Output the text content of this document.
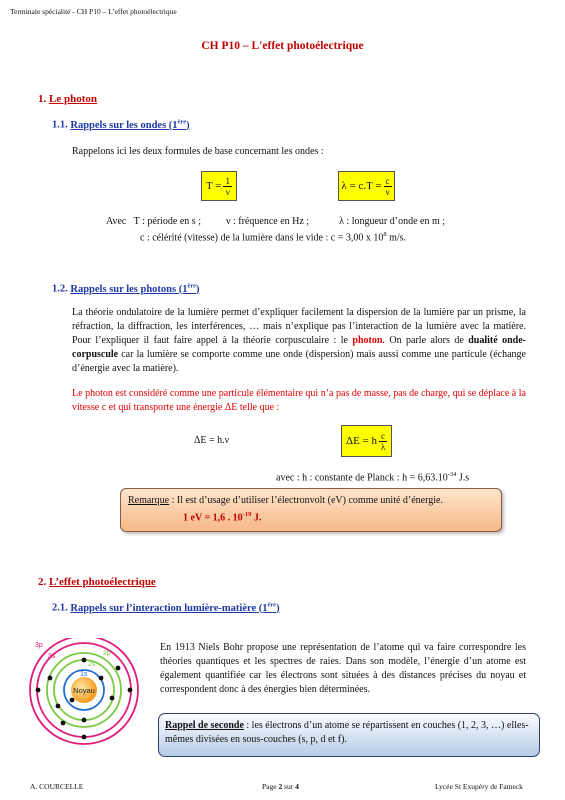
Terminale spécialité - CH P10 – L’effet photoélectrique
CH P10 – L'effet photoélectrique
1. Le photon
1.1. Rappels sur les ondes (1ère)
Rappelons ici les deux formules de base concernant les ondes :
$T = \frac{1}{\nu}$	$\lambda = c.T = \frac{c}{\nu}$
Avec   T : période en s ;          ν : fréquence en Hz ;            λ : longueur d’onde en m ;
c : célérité (vitesse) de la lumière dans le vide : c = 3,00 x $10^8$ m/s.
1.2. Rappels sur les photons (1ère)
La théorie ondulatoire de la lumière permet d’expliquer facilement la dispersion de la lumière par un prisme, la réfraction, la diffraction, les interférences, … mais n’explique pas l’interaction de la lumière avec la matière. Pour l’expliquer il faut faire appel à la théorie corpusculaire : le photon. On parle alors de dualité onde-corpuscule car la lumière se comporte comme une onde (dispersion) mais aussi comme une particule (échange d’énergie avec la matière).
Le photon est considéré comme une particule élémentaire qui n’a pas de masse, pas de charge, qui se déplace à la vitesse c et qui transporte une énergie ΔE telle que :
ΔE = h.ν	ΔE = h $\frac{c}{\lambda}$
avec : h : constante de Planck : $h = 6,63.10^{-34}$ J.s
Remarque : Il est d’usage d’utiliser l’électronvolt (eV) comme unité d’énergie.
1 eV = 1,6 . $10^{-19}$ J.
2. L’effet photoélectrique
2.1. Rappels sur l’interaction lumière-matière (1ère)
Noyau
1s
2s
2p
3s
3p	En 1913 Niels Bohr propose une représentation de l’atome qui va faire correspondre les théories quantiques et les spectres de raies. Dans son modèle, l’énergie d’un atome est également quantifiée car les électrons sont situées à des distances précises du noyau et correspondent donc à des énergies bien déterminées.
Rappel de seconde : les électrons d’un atome se répartissent en couches (1, 2, 3, …) elles-mêmes divisées en sous-couches (s, p, d et f).
A. COURCELLE	Page 2 sur 4	Lycée St Exupéry de Fameck
